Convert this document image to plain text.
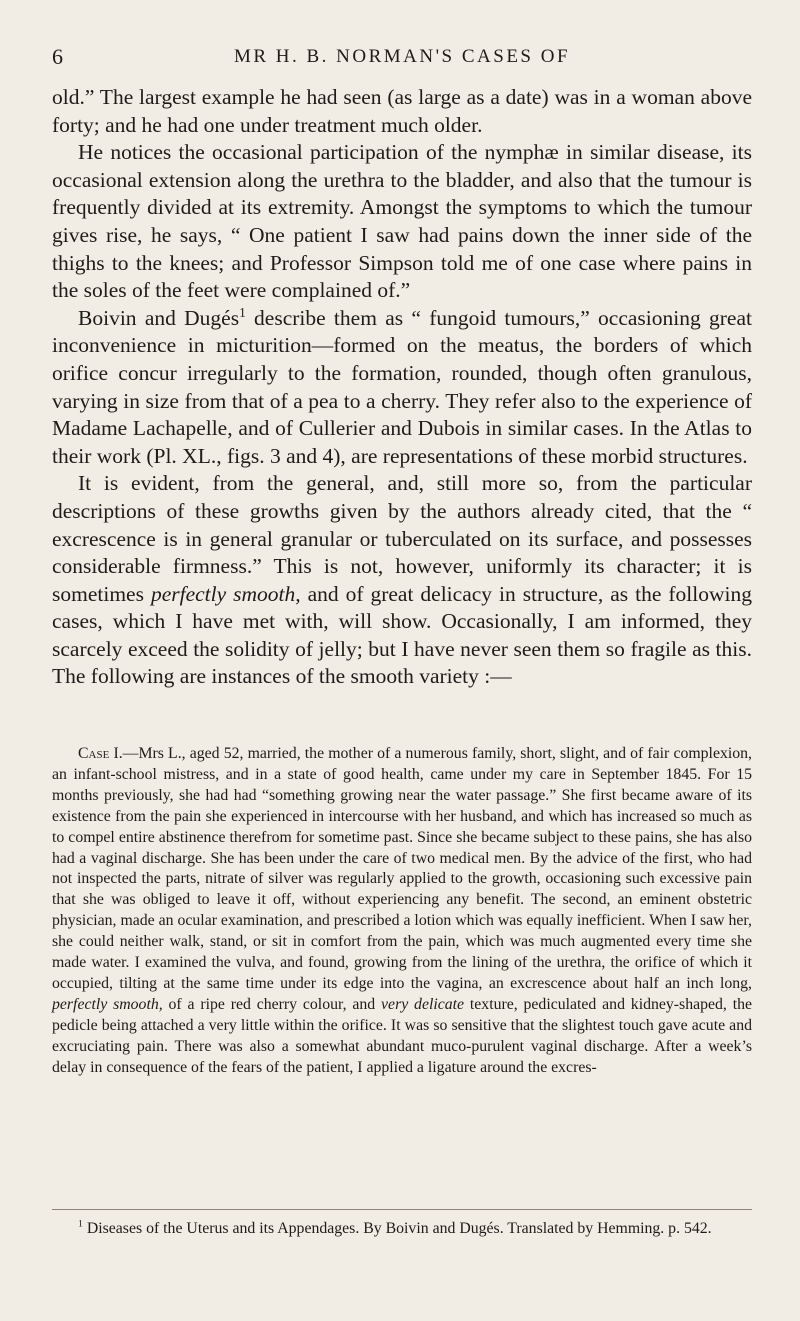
6	MR H. B. NORMAN'S CASES OF

old.” The largest example he had seen (as large as a date) was in a woman above forty; and he had one under treatment much older.

He notices the occasional participation of the nymphæ in similar disease, its occasional extension along the urethra to the bladder, and also that the tumour is frequently divided at its extremity. Amongst the symptoms to which the tumour gives rise, he says, “ One patient I saw had pains down the inner side of the thighs to the knees; and Professor Simpson told me of one case where pains in the soles of the feet were complained of.”

Boivin and Dugés$^1$ describe them as “ fungoid tumours,” occasioning great inconvenience in micturition—formed on the meatus, the borders of which orifice concur irregularly to the formation, rounded, though often granulous, varying in size from that of a pea to a cherry. They refer also to the experience of Madame Lachapelle, and of Cullerier and Dubois in similar cases. In the Atlas to their work (Pl. XL., figs. 3 and 4), are representations of these morbid structures.

It is evident, from the general, and, still more so, from the particular descriptions of these growths given by the authors already cited, that the “ excrescence is in general granular or tuberculated on its surface, and possesses considerable firmness.” This is not, however, uniformly its character; it is sometimes perfectly smooth, and of great delicacy in structure, as the following cases, which I have met with, will show. Occasionally, I am informed, they scarcely exceed the solidity of jelly; but I have never seen them so fragile as this. The following are instances of the smooth variety :—

Case I.—Mrs L., aged 52, married, the mother of a numerous family, short, slight, and of fair complexion, an infant-school mistress, and in a state of good health, came under my care in September 1845. For 15 months previously, she had had “something growing near the water passage.” She first became aware of its existence from the pain she experienced in intercourse with her husband, and which has increased so much as to compel entire abstinence therefrom for sometime past. Since she became subject to these pains, she has also had a vaginal discharge. She has been under the care of two medical men. By the advice of the first, who had not inspected the parts, nitrate of silver was regularly applied to the growth, occasioning such excessive pain that she was obliged to leave it off, without experiencing any benefit. The second, an eminent obstetric physician, made an ocular examination, and prescribed a lotion which was equally inefficient. When I saw her, she could neither walk, stand, or sit in comfort from the pain, which was much augmented every time she made water. I examined the vulva, and found, growing from the lining of the urethra, the orifice of which it occupied, tilting at the same time under its edge into the vagina, an excrescence about half an inch long, perfectly smooth, of a ripe red cherry colour, and very delicate texture, pediculated and kidney-shaped, the pedicle being attached a very little within the orifice. It was so sensitive that the slightest touch gave acute and excruciating pain. There was also a somewhat abundant muco-purulent vaginal discharge. After a week’s delay in consequence of the fears of the patient, I applied a ligature around the excres-

$^1$ Diseases of the Uterus and its Appendages. By Boivin and Dugés. Translated by Hemming. p. 542.
